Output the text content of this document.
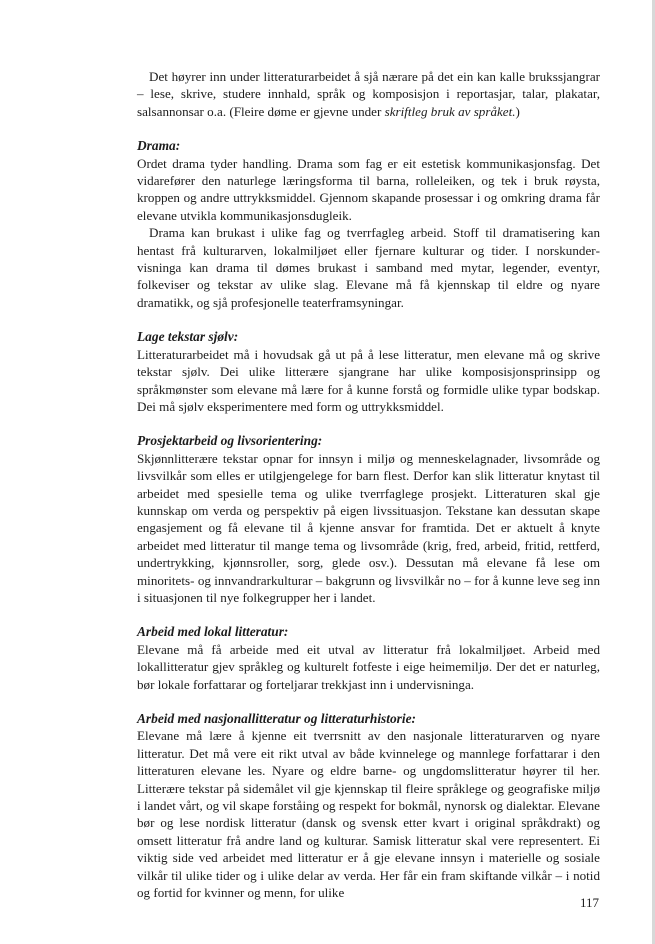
Det høyrer inn under litteraturarbeidet å sjå nærare på det ein kan kalle brukssjangrar – lese, skrive, studere innhald, språk og komposisjon i reportasjar, talar, plakatar, salsannonsar o.a. (Fleire døme er gjevne under skriftleg bruk av språket.)

Drama:

Ordet drama tyder handling. Drama som fag er eit estetisk kommunikasjonsfag. Det vidarefører den naturlege læringsforma til barna, rolleleiken, og tek i bruk røysta, kroppen og andre uttrykksmiddel. Gjennom skapande prosessar i og omkring drama får elevane utvikla kommunikasjonsdugleik.

Drama kan brukast i ulike fag og tverrfagleg arbeid. Stoff til dramatisering kan hentast frå kulturarven, lokalmiljøet eller fjernare kulturar og tider. I norskundervisninga kan drama til dømes brukast i samband med mytar, legender, eventyr, folkeviser og tekstar av ulike slag. Elevane må få kjennskap til eldre og nyare dramatikk, og sjå profesjonelle teaterframsyningar.

Lage tekstar sjølv:

Litteraturarbeidet må i hovudsak gå ut på å lese litteratur, men elevane må og skrive tekstar sjølv. Dei ulike litterære sjangrane har ulike komposisjonsprinsipp og språkmønster som elevane må lære for å kunne forstå og formidle ulike typar bodskap. Dei må sjølv eksperimentere med form og uttrykksmiddel.

Prosjektarbeid og livsorientering:

Skjønnlitterære tekstar opnar for innsyn i miljø og menneskelagnader, livsområde og livsvilkår som elles er utilgjengelege for barn flest. Derfor kan slik litteratur knytast til arbeidet med spesielle tema og ulike tverrfaglege prosjekt. Litteraturen skal gje kunnskap om verda og perspektiv på eigen livssituasjon. Tekstane kan dessutan skape engasjement og få elevane til å kjenne ansvar for framtida. Det er aktuelt å knyte arbeidet med litteratur til mange tema og livsområde (krig, fred, arbeid, fritid, rettferd, undertrykking, kjønnsroller, sorg, glede osv.). Dessutan må elevane få lese om minoritets- og innvandrarkulturar – bakgrunn og livsvilkår no – for å kunne leve seg inn i situasjonen til nye folkegrupper her i landet.

Arbeid med lokal litteratur:

Elevane må få arbeide med eit utval av litteratur frå lokalmiljøet. Arbeid med lokallitteratur gjev språkleg og kulturelt fotfeste i eige heimemiljø. Der det er naturleg, bør lokale forfattarar og forteljarar trekkjast inn i undervisninga.

Arbeid med nasjonallitteratur og litteraturhistorie:

Elevane må lære å kjenne eit tverrsnitt av den nasjonale litteraturarven og nyare litteratur. Det må vere eit rikt utval av både kvinnelege og mannlege forfattarar i den litteraturen elevane les. Nyare og eldre barne- og ungdomslitteratur høyrer til her. Litterære tekstar på sidemålet vil gje kjennskap til fleire språklege og geografiske miljø i landet vårt, og vil skape forståing og respekt for bokmål, nynorsk og dialektar. Elevane bør og lese nordisk litteratur (dansk og svensk etter kvart i original språkdrakt) og omsett litteratur frå andre land og kulturar. Samisk litteratur skal vere representert. Ei viktig side ved arbeidet med litteratur er å gje elevane innsyn i materielle og sosiale vilkår til ulike tider og i ulike delar av verda. Her får ein fram skiftande vilkår – i notid og fortid for kvinner og menn, for ulike

117
